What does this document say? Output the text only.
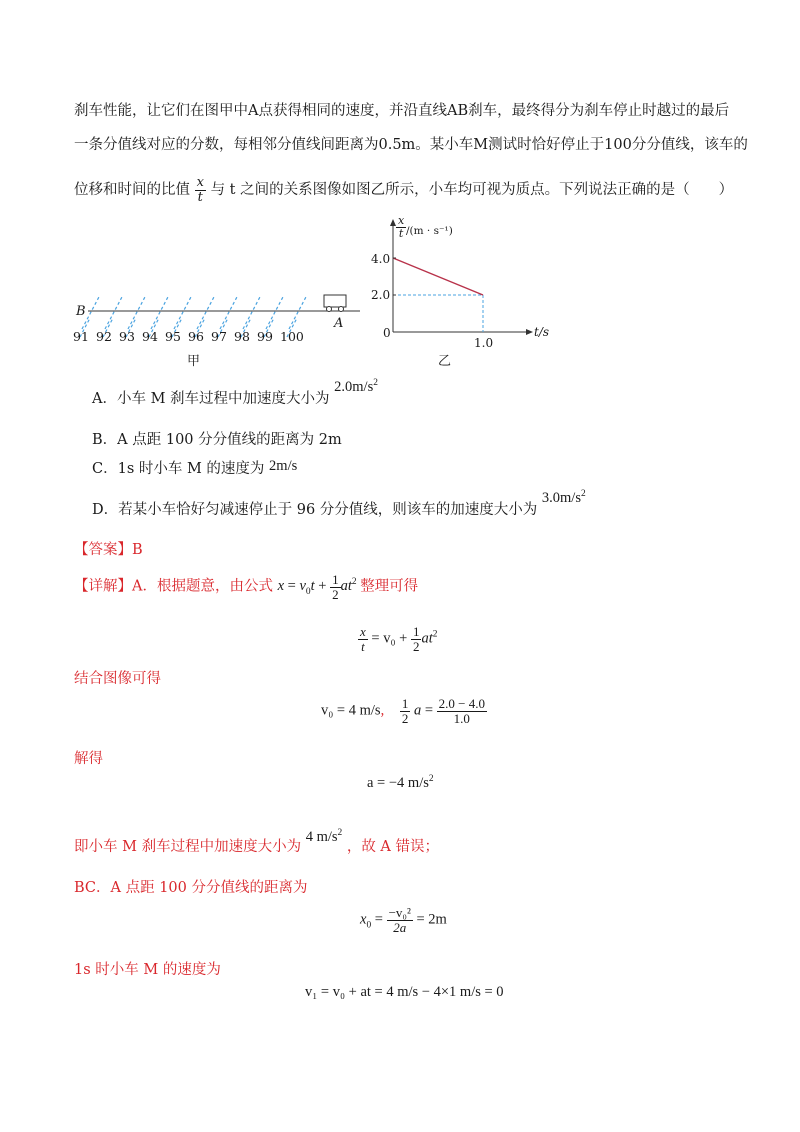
刹车性能，让它们在图甲中A点获得相同的速度，并沿直线AB刹车，最终得分为刹车停止时越过的最后
一条分值线对应的分数，每相邻分值线间距离为0.5m。某小车M测试时恰好停止于100分分值线，该车的
位移和时间的比值 $\frac{x}{t}$ 与 t 之间的关系图像如图乙所示，小车均可视为质点。下列说法正确的是（　　）
B
A
91 92 93 94 95 96 97 98 99 100
甲
$\frac{x}{t} /(m \cdot s^{-1})$
t/s
0
4.0
2.0
1.0
乙
A．小车 M 刹车过程中加速度大小为 $2.0m/s^2$
B．A 点距 100 分分值线的距离为 2m
C．1s 时小车 M 的速度为 2m/s
D．若某小车恰好匀减速停止于 96 分分值线，则该车的加速度大小为 $3.0m/s^2$
【答案】B
【详解】A．根据题意，由公式 $x = v_0t + \frac{1}{2} at^2$ 整理可得
$\frac{x}{t} = v_0 + \frac{1}{2} at^2$
结合图像可得
v₀ = 4 m/s, $\frac{1}{2}$ $a = \frac{2.0 - 4.0}{1.0}$
解得
a = −4 $m/s^2$
即小车 M 刹车过程中加速度大小为 4 $m/s^2$ ，故 A 错误；
BC．A 点距 100 分分值线的距离为
$x_0 = \frac{\text{−v₀²}}{2a} = 2m$
1s 时小车 M 的速度为
v₁ = v₀ + at = 4 m/s − 4×1 m/s = 0
